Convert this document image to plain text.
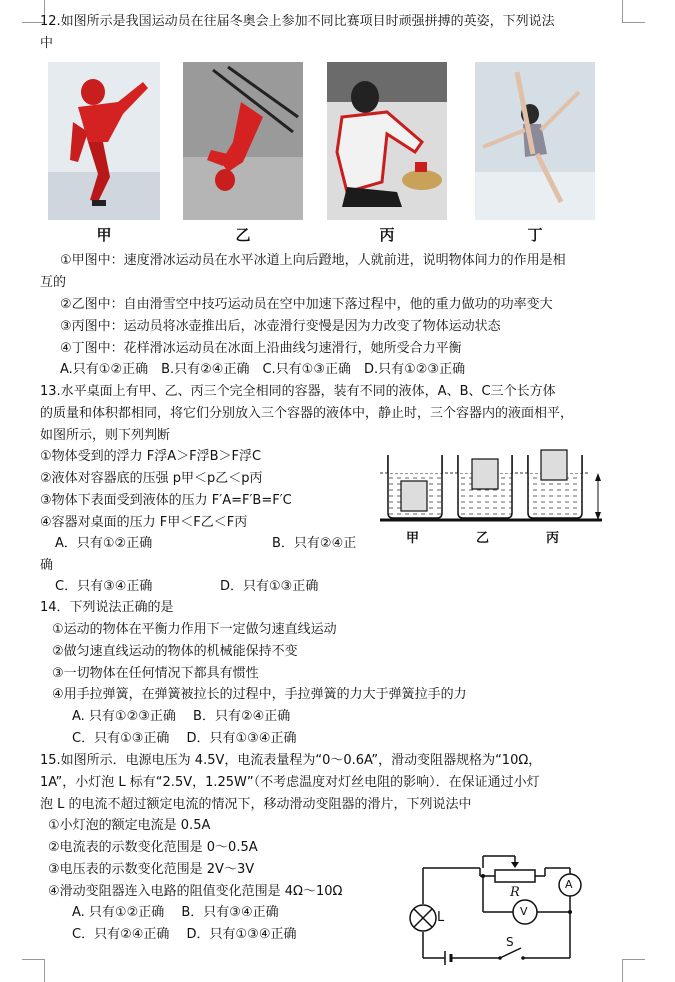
12.如图所示是我国运动员在往届冬奥会上参加不同比赛项目时顽强拼搏的英姿，下列说法
中
甲	乙	丙	丁
①甲图中：速度滑冰运动员在水平冰道上向后蹬地，人就前进，说明物体间力的作用是相
互的
②乙图中：自由滑雪空中技巧运动员在空中加速下落过程中，他的重力做功的功率变大
③丙图中：运动员将冰壶推出后，冰壶滑行变慢是因为力改变了物体运动状态
④丁图中：花样滑冰运动员在冰面上沿曲线匀速滑行，她所受合力平衡
A.只有①②正确　B.只有②④正确　C.只有①③正确　D.只有①②③正确
13.水平桌面上有甲、乙、丙三个完全相同的容器，装有不同的液体，A、B、C三个长方体
的质量和体积都相同，将它们分别放入三个容器的液体中，静止时，三个容器内的液面相平，
如图所示，则下列判断
①物体受到的浮力 F浮A＞F浮B＞F浮C
②液体对容器底的压强 p甲＜p乙＜p丙
③物体下表面受到液体的压力 F′A=F′B=F′C
④容器对桌面的压力 F甲＜F乙＜F丙
A．只有①②正确	B．只有②④正
确
C．只有③④正确	D．只有①③正确
甲	乙	丙
14．下列说法正确的是
①运动的物体在平衡力作用下一定做匀速直线运动
②做匀速直线运动的物体的机械能保持不变
③一切物体在任何情况下都具有惯性
④用手拉弹簧，在弹簧被拉长的过程中，手拉弹簧的力大于弹簧拉手的力
A. 只有①②③正确　 B．只有②④正确
C．只有①③正确　 D．只有①③④正确
15.如图所示．电源电压为 4.5V，电流表量程为“0～0.6A”，滑动变阻器规格为“10Ω，
1A”，小灯泡 L 标有“2.5V，1.25W”（不考虑温度对灯丝电阻的影响）．在保证通过小灯
泡 L 的电流不超过额定电流的情况下，移动滑动变阻器的滑片，下列说法中
①小灯泡的额定电流是 0.5A
②电流表的示数变化范围是 0～0.5A
③电压表的示数变化范围是 2V～3V
④滑动变阻器连入电路的阻值变化范围是 4Ω～10Ω
A. 只有①②正确　 B．只有③④正确
C．只有②④正确　 D．只有①③④正确
R
A
V
L
S
